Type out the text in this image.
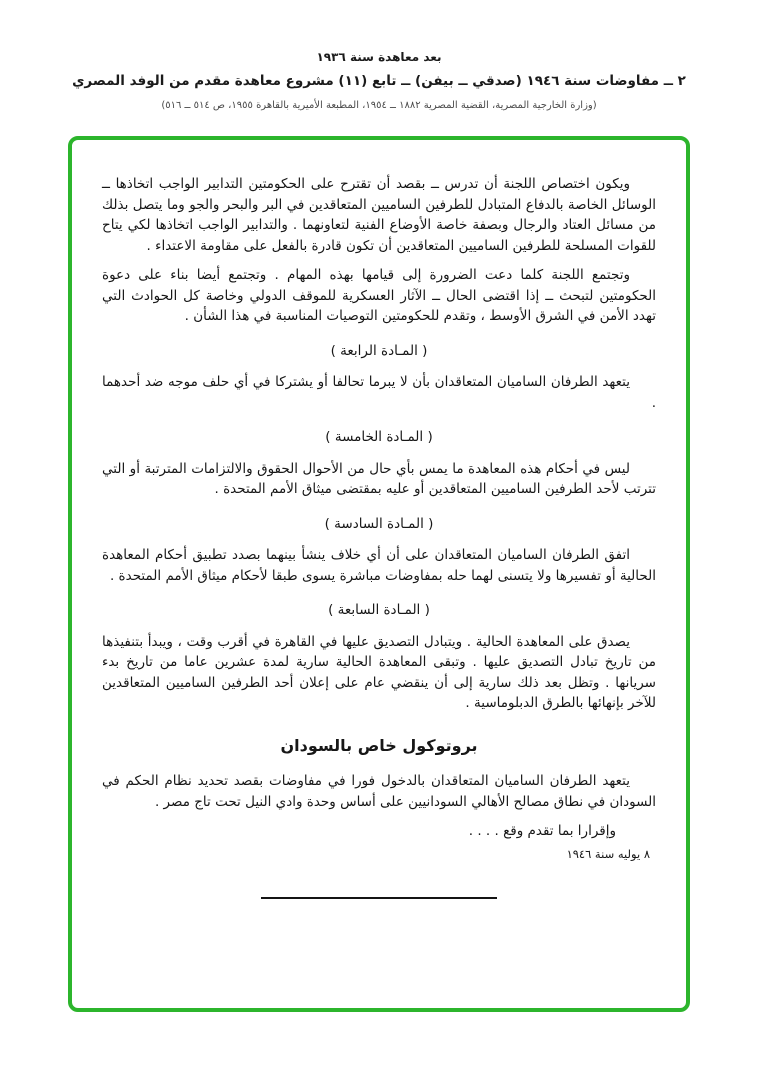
بعد معاهدة سنة ١٩٣٦
٢ ــ مفاوضات سنة ١٩٤٦ (صدقي ــ بيفن) ــ تابع (١١) مشروع معاهدة مقدم من الوفد المصري
(وزارة الخارجية المصرية، القضية المصرية ١٨٨٢ ــ ١٩٥٤، المطبعة الأميرية بالقاهرة ١٩٥٥، ص ٥١٤ ــ ٥١٦)

ويكون اختصاص اللجنة أن تدرس ــ بقصد أن تقترح على الحكومتين التدابير الواجب اتخاذها ــ الوسائل الخاصة بالدفاع المتبادل للطرفين الساميين المتعاقدين في البر والبحر والجو وما يتصل بذلك من مسائل العتاد والرجال وبصفة خاصة الأوضاع الفنية لتعاونهما . والتدابير الواجب اتخاذها لكي يتاح للقوات المسلحة للطرفين الساميين المتعاقدين أن تكون قادرة بالفعل على مقاومة الاعتداء .

وتجتمع اللجنة كلما دعت الضرورة إلى قيامها بهذه المهام . وتجتمع أيضا بناء على دعوة الحكومتين لتبحث ــ إذا اقتضى الحال ــ الآثار العسكرية للموقف الدولي وخاصة كل الحوادث التي تهدد الأمن في الشرق الأوسط ، وتقدم للحكومتين التوصيات المناسبة في هذا الشأن .

( المـادة الرابعة )

يتعهد الطرفان الساميان المتعاقدان بأن لا يبرما تحالفا أو يشتركا في أي حلف موجه ضد أحدهما .

( المـادة الخامسة )

ليس في أحكام هذه المعاهدة ما يمس بأي حال من الأحوال الحقوق والالتزامات المترتبة أو التي تترتب لأحد الطرفين الساميين المتعاقدين أو عليه بمقتضى ميثاق الأمم المتحدة .

( المـادة السادسة )

اتفق الطرفان الساميان المتعاقدان على أن أي خلاف ينشأ بينهما بصدد تطبيق أحكام المعاهدة الحالية أو تفسيرها ولا يتسنى لهما حله بمفاوضات مباشرة يسوى طبقا لأحكام ميثاق الأمم المتحدة .

( المـادة السابعة )

يصدق على المعاهدة الحالية . ويتبادل التصديق عليها في القاهرة في أقرب وقت ، ويبدأ بتنفيذها من تاريخ تبادل التصديق عليها . وتبقى المعاهدة الحالية سارية لمدة عشرين عاما من تاريخ بدء سريانها . وتظل بعد ذلك سارية إلى أن ينقضي عام على إعلان أحد الطرفين الساميين المتعاقدين للآخر بإنهائها بالطرق الدبلوماسية .

بروتوكول خاص بالسودان

يتعهد الطرفان الساميان المتعاقدان بالدخول فورا في مفاوضات بقصد تحديد نظام الحكم في السودان في نطاق مصالح الأهالي السودانيين على أساس وحدة وادي النيل تحت تاج مصر .

وإقرارا بما تقدم وقع . . . .

٨ يوليه سنة ١٩٤٦
